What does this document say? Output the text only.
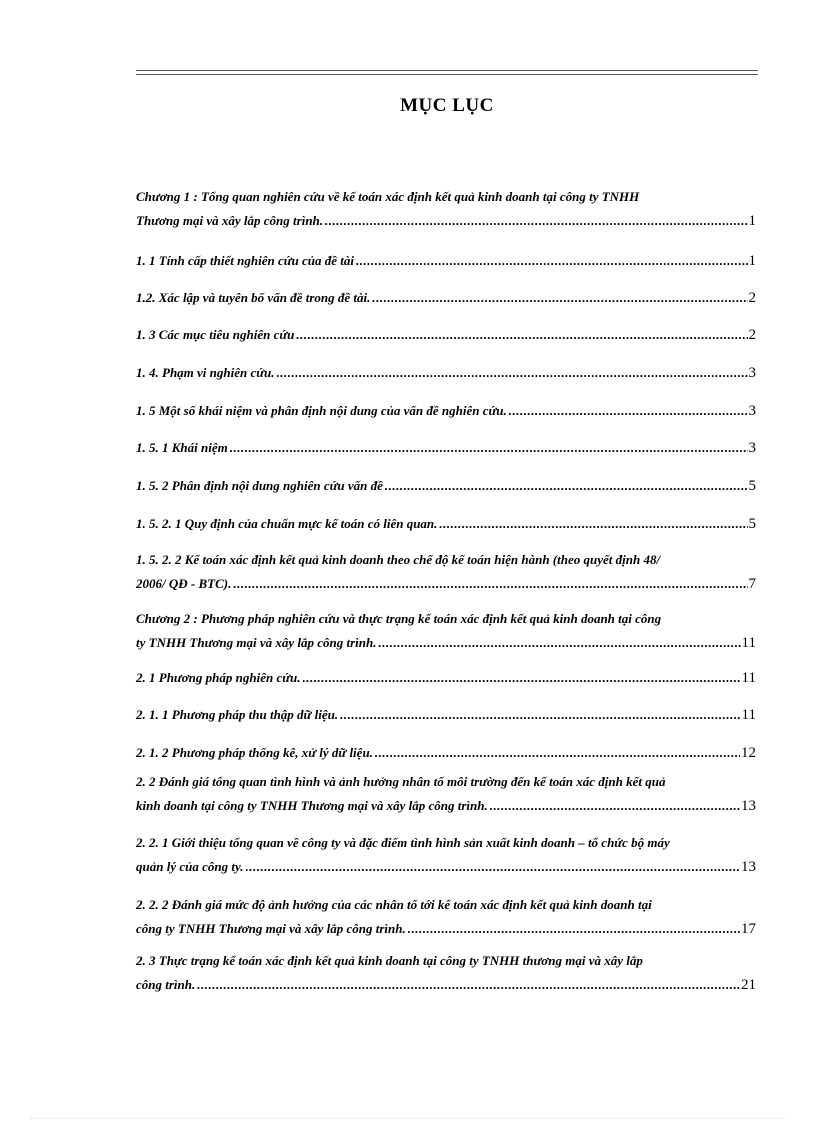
MỤC LỤC
Chương 1 : Tổng quan nghiên cứu về kế toán xác định kết quả kinh doanh tại công ty TNHH
Thương mại và xây lắp công trình. .....	1
1. 1 Tính cấp thiết nghiên cứu của đề tài .....	1
1.2. Xác lập và tuyên bố vấn đề trong đề tài. .....	2
1. 3 Các mục tiêu nghiên cứu .....	2
1. 4. Phạm vi nghiên cứu. .....	3
1. 5 Một số khái niệm và phân định nội dung của vấn đề nghiên cứu. .....	3
1. 5. 1 Khái niệm .....	3
1. 5. 2 Phân định nội dung nghiên cứu vấn đề .....	5
1. 5. 2. 1 Quy định của chuẩn mực kế toán có liên quan. .....	5
1. 5. 2. 2 Kế toán xác định kết quả kinh doanh theo chế độ kế toán hiện hành (theo quyết định 48/
2006/ QĐ - BTC). .....	7
Chương 2 : Phương pháp nghiên cứu và thực trạng kế toán xác định kết quả kinh doanh tại công
ty TNHH Thương mại và xây lắp công trình. .....	11
2. 1 Phương pháp nghiên cứu. .....	11
2. 1. 1 Phương pháp thu thập dữ liệu. .....	11
2. 1. 2 Phương pháp thống kê, xử lý dữ liệu. .....	12
2. 2 Đánh giá tổng quan tình hình và ảnh hưởng nhân tố môi trường đến kế toán xác định kết quả
kinh doanh tại công ty TNHH Thương mại và xây lắp công trình. .....	13
2. 2. 1 Giới thiệu tổng quan về công ty và đặc điểm tình hình sản xuất kinh doanh – tổ chức bộ máy
quản lý của công ty. .....	13
2. 2. 2 Đánh giá mức độ ảnh hưởng của các nhân tố tới kế toán xác định kết quả kinh doanh tại
công ty TNHH Thương mại và xây lắp công trình. .....	17
2. 3 Thực trạng kế toán xác định kết quả kinh doanh tại công ty TNHH thương mại và xây lắp
công trình. .....	21
